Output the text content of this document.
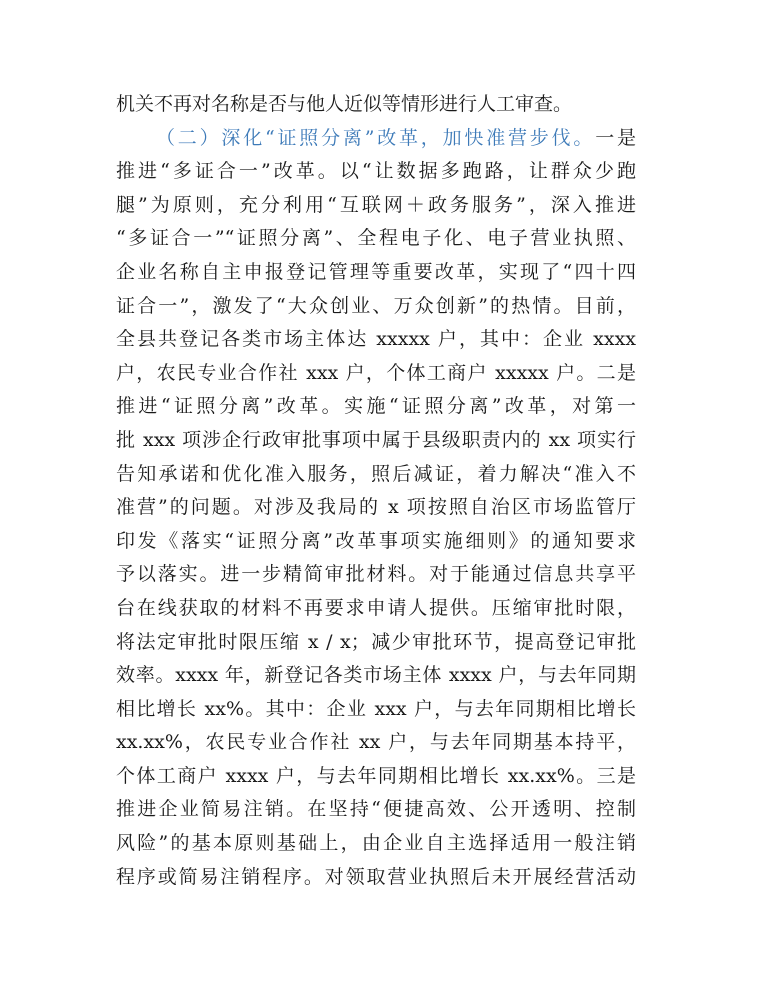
机关不再对名称是否与他人近似等情形进行人工审查。
（二）深化“证照分离”改革，加快准营步伐。一是
推进“多证合一”改革。以“让数据多跑路，让群众少跑
腿”为原则，充分利用“互联网＋政务服务”，深入推进
“多证合一”“证照分离”、全程电子化、电子营业执照、
企业名称自主申报登记管理等重要改革，实现了“四十四
证合一”，激发了“大众创业、万众创新”的热情。目前，
全县共登记各类市场主体达 xxxxx 户，其中：企业 xxxx
户，农民专业合作社 xxx 户，个体工商户 xxxxx 户。二是
推进“证照分离”改革。实施“证照分离”改革，对第一
批 xxx 项涉企行政审批事项中属于县级职责内的 xx 项实行
告知承诺和优化准入服务，照后减证，着力解决“准入不
准营”的问题。对涉及我局的 x 项按照自治区市场监管厅
印发《落实“证照分离”改革事项实施细则》的通知要求
予以落实。进一步精简审批材料。对于能通过信息共享平
台在线获取的材料不再要求申请人提供。压缩审批时限，
将法定审批时限压缩 x / x；减少审批环节，提高登记审批
效率。xxxx 年，新登记各类市场主体 xxxx 户，与去年同期
相比增长 xx%。其中：企业 xxx 户，与去年同期相比增长
xx.xx%，农民专业合作社 xx 户，与去年同期基本持平，
个体工商户 xxxx 户，与去年同期相比增长 xx.xx%。三是
推进企业简易注销。在坚持“便捷高效、公开透明、控制
风险”的基本原则基础上，由企业自主选择适用一般注销
程序或简易注销程序。对领取营业执照后未开展经营活动
